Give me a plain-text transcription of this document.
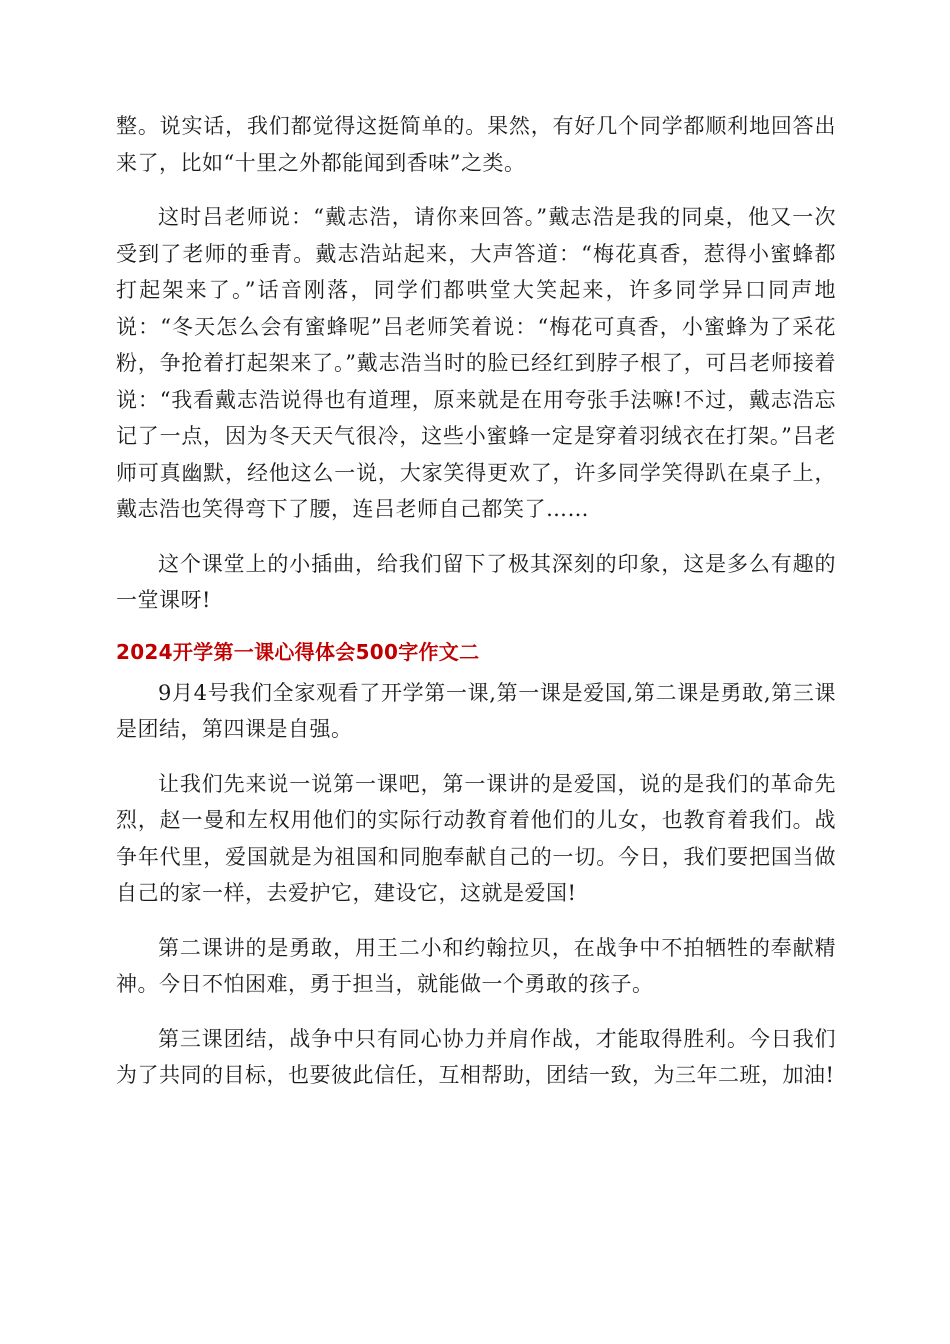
整。说实话，我们都觉得这挺简单的。果然，有好几个同学都顺利地回答出来了，比如“十里之外都能闻到香味”之类。

这时吕老师说：“戴志浩，请你来回答。”戴志浩是我的同桌，他又一次受到了老师的垂青。戴志浩站起来，大声答道：“梅花真香，惹得小蜜蜂都打起架来了。”话音刚落，同学们都哄堂大笑起来，许多同学异口同声地说：“冬天怎么会有蜜蜂呢”吕老师笑着说：“梅花可真香，小蜜蜂为了采花粉，争抢着打起架来了。”戴志浩当时的脸已经红到脖子根了，可吕老师接着说：“我看戴志浩说得也有道理，原来就是在用夸张手法嘛!不过，戴志浩忘记了一点，因为冬天天气很冷，这些小蜜蜂一定是穿着羽绒衣在打架。”吕老师可真幽默，经他这么一说，大家笑得更欢了，许多同学笑得趴在桌子上，戴志浩也笑得弯下了腰，连吕老师自己都笑了……

这个课堂上的小插曲，给我们留下了极其深刻的印象，这是多么有趣的一堂课呀!

2024开学第一课心得体会500字作文二

9月4号我们全家观看了开学第一课,第一课是爱国,第二课是勇敢,第三课是团结，第四课是自强。

让我们先来说一说第一课吧，第一课讲的是爱国，说的是我们的革命先烈，赵一曼和左权用他们的实际行动教育着他们的儿女，也教育着我们。战争年代里，爱国就是为祖国和同胞奉献自己的一切。今日，我们要把国当做自己的家一样，去爱护它，建设它，这就是爱国!

第二课讲的是勇敢，用王二小和约翰拉贝，在战争中不拍牺牲的奉献精神。今日不怕困难，勇于担当，就能做一个勇敢的孩子。

第三课团结，战争中只有同心协力并肩作战，才能取得胜利。今日我们为了共同的目标，也要彼此信任，互相帮助，团结一致，为三年二班，加油!
